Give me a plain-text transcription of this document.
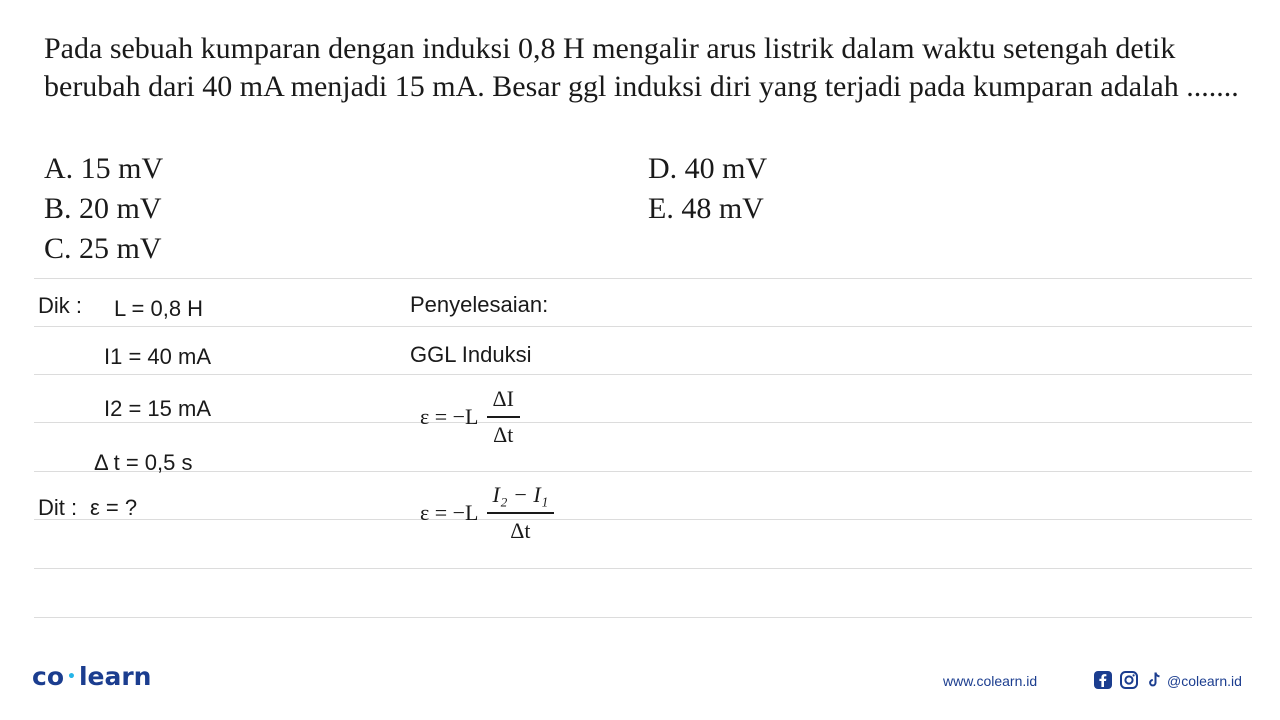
Pada sebuah kumparan dengan induksi 0,8 H mengalir arus listrik dalam waktu setengah detik berubah dari 40 mA menjadi 15 mA. Besar ggl induksi diri yang terjadi pada kumparan adalah .......
A. 15 mV
B. 20 mV
C. 25 mV
D. 40 mV
E. 48 mV
Dik : L = 0,8 H
I1 = 40 mA
I2 = 15 mA
Δ t = 0,5 s
Dit : ε = ?
Penyelesaian:
GGL Induksi
$\varepsilon = -L \frac{\Delta I}{\Delta t}$
$\varepsilon = -L \frac{\text{I₂ − I₁}}{\Delta t}$
co • learn	www.colearn.id	@colearn.id
